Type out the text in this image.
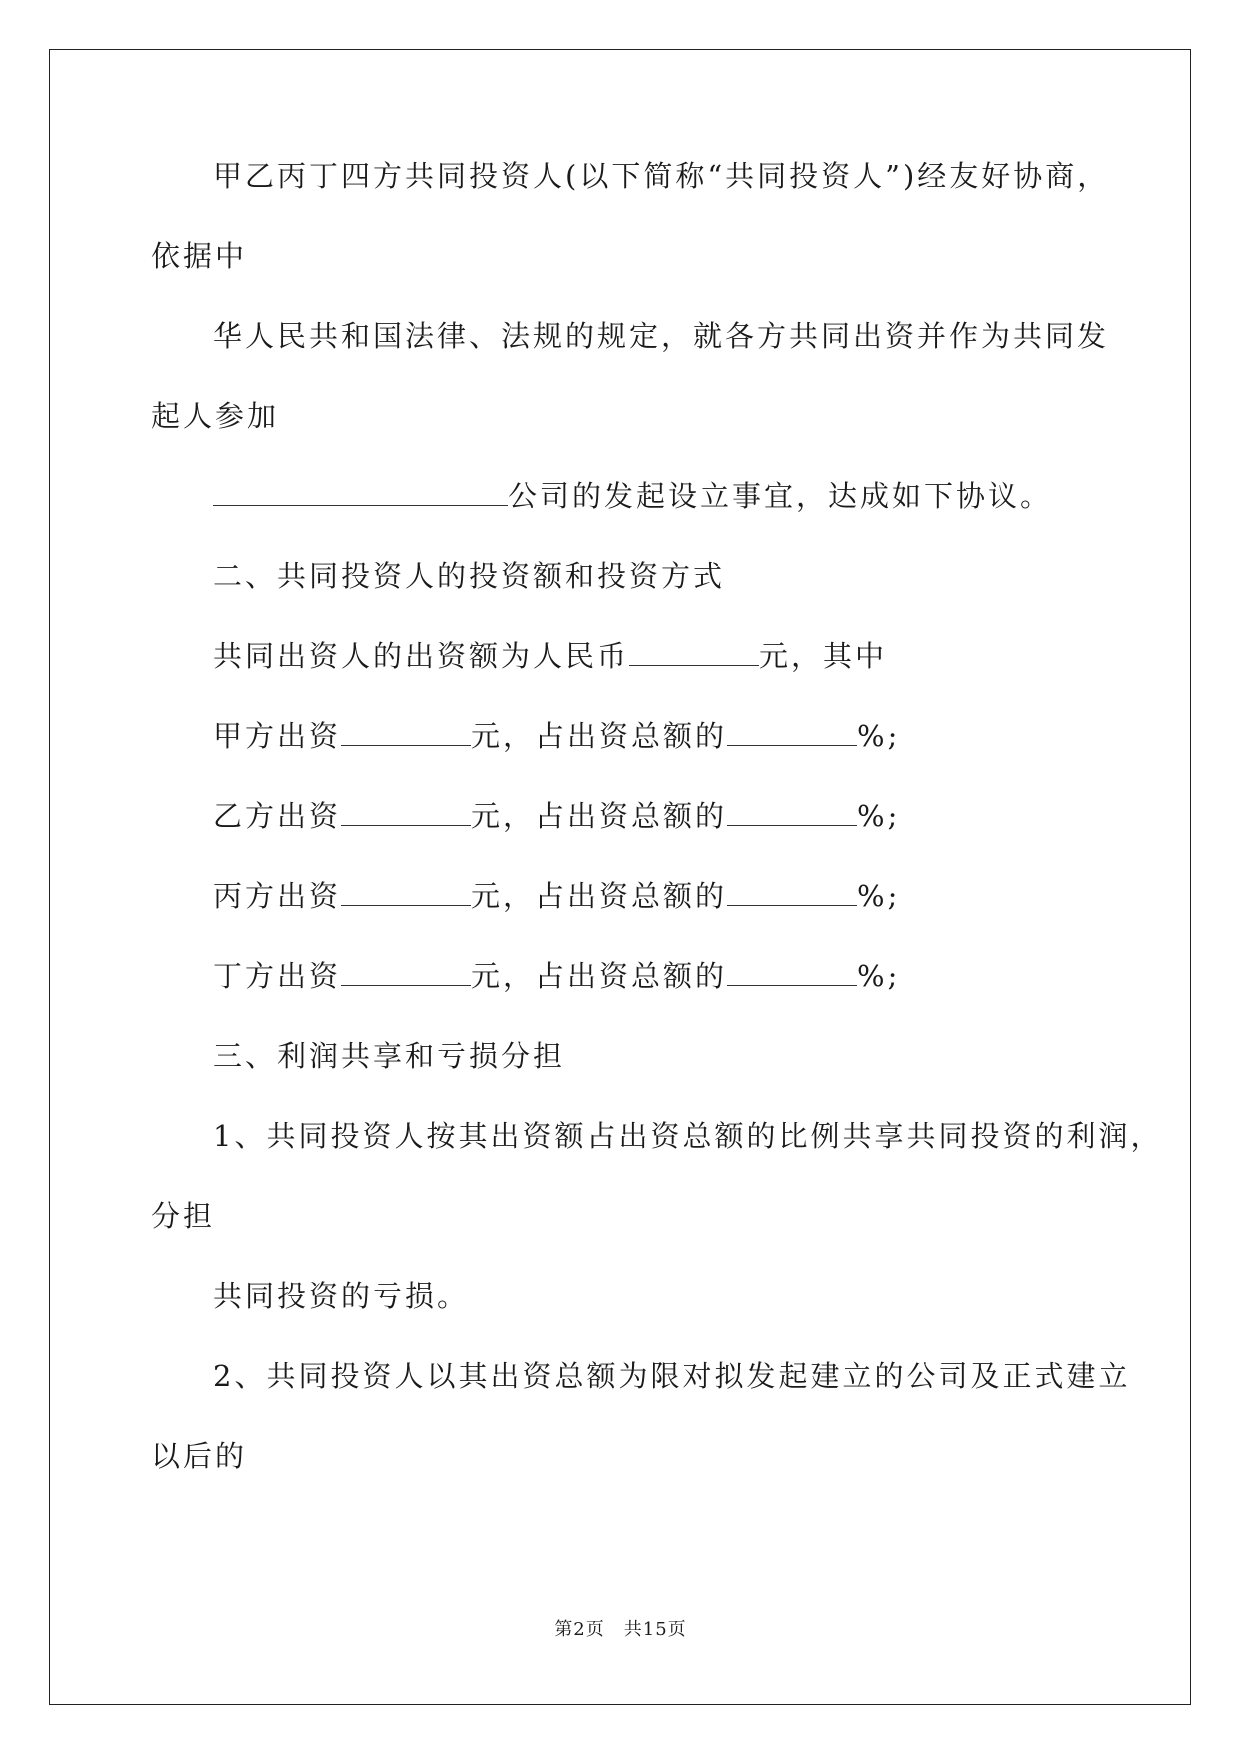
甲乙丙丁四方共同投资人(以下简称“共同投资人”)经友好协商，
依据中
华人民共和国法律、法规的规定，就各方共同出资并作为共同发
起人参加
公司的发起设立事宜，达成如下协议。
二、共同投资人的投资额和投资方式
共同出资人的出资额为人民币	元，其中
甲方出资	元，占出资总额的	%;
乙方出资	元，占出资总额的	%;
丙方出资	元，占出资总额的	%;
丁方出资	元，占出资总额的	%;
三、利润共享和亏损分担
1、共同投资人按其出资额占出资总额的比例共享共同投资的利润，
分担
共同投资的亏损。
2、共同投资人以其出资总额为限对拟发起建立的公司及正式建立
以后的
第2页　共15页
